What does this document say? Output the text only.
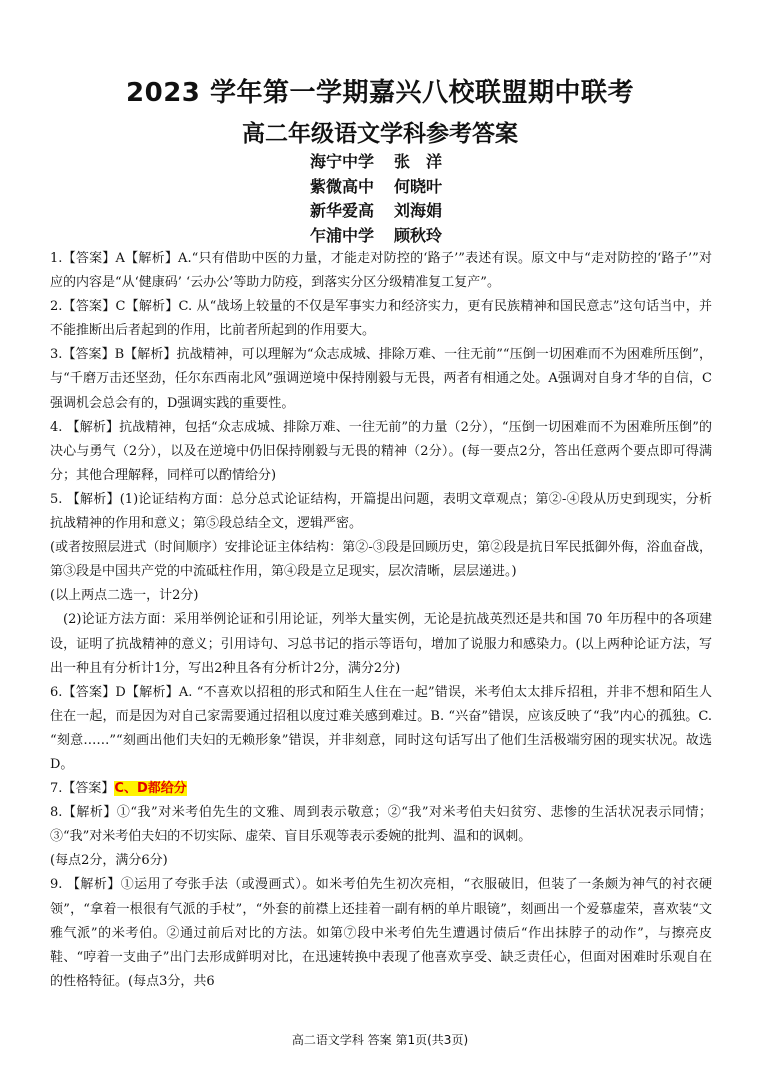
2023 学年第一学期嘉兴八校联盟期中联考
高二年级语文学科参考答案
海宁中学 张　洋
紫微高中 何晓叶
新华爱高 刘海娟
乍浦中学 顾秋玲

1.【答案】A【解析】A.“只有借助中医的力量，才能走对防控的‘路子’”表述有误。原文中与“走对防控的‘路子’”对应的内容是“从‘健康码’ ‘云办公’等助力防疫，到落实分区分级精准复工复产”。

2.【答案】C【解析】C. 从“战场上较量的不仅是军事实力和经济实力，更有民族精神和国民意志”这句话当中，并不能推断出后者起到的作用，比前者所起到的作用要大。

3.【答案】B【解析】抗战精神，可以理解为“众志成城、排除万难、一往无前”“压倒一切困难而不为困难所压倒”，与“千磨万击还坚劲，任尔东西南北风”强调逆境中保持刚毅与无畏，两者有相通之处。A强调对自身才华的自信，C强调机会总会有的，D强调实践的重要性。

4. 【解析】抗战精神，包括“众志成城、排除万难、一往无前”的力量（2分），“压倒一切困难而不为困难所压倒”的决心与勇气（2分），以及在逆境中仍旧保持刚毅与无畏的精神（2分）。(每一要点2分，答出任意两个要点即可得满分；其他合理解释，同样可以酌情给分)

5. 【解析】(1)论证结构方面：总分总式论证结构，开篇提出问题，表明文章观点；第②-④段从历史到现实，分析抗战精神的作用和意义；第⑤段总结全文，逻辑严密。

(或者按照层进式（时间顺序）安排论证主体结构：第②-③段是回顾历史，第②段是抗日军民抵御外侮，浴血奋战，第③段是中国共产党的中流砥柱作用，第④段是立足现实，层次清晰，层层递进。)

(以上两点二选一，计2分)

(2)论证方法方面：采用举例论证和引用论证，列举大量实例，无论是抗战英烈还是共和国 70 年历程中的各项建设，证明了抗战精神的意义；引用诗句、习总书记的指示等语句，增加了说服力和感染力。(以上两种论证方法，写出一种且有分析计1分，写出2种且各有分析计2分，满分2分)

6.【答案】D【解析】A. “不喜欢以招租的形式和陌生人住在一起”错误，米考伯太太排斥招租，并非不想和陌生人住在一起，而是因为对自己家需要通过招租以度过难关感到难过。B. “兴奋”错误，应该反映了“我”内心的孤独。C. “刻意……”“刻画出他们夫妇的无赖形象”错误，并非刻意，同时这句话写出了他们生活极端穷困的现实状况。故选D。

7.【答案】C、D都给分

8.【解析】①“我”对米考伯先生的文雅、周到表示敬意；②“我”对米考伯夫妇贫穷、悲惨的生活状况表示同情；③“我”对米考伯夫妇的不切实际、虚荣、盲目乐观等表示委婉的批判、温和的讽刺。

(每点2分，满分6分)

9. 【解析】①运用了夸张手法（或漫画式）。如米考伯先生初次亮相，“衣服破旧，但装了一条颇为神气的衬衣硬领”，“拿着一根很有气派的手杖”，“外套的前襟上还挂着一副有柄的单片眼镜”，刻画出一个爱慕虚荣，喜欢装“文雅气派”的米考伯。②通过前后对比的方法。如第⑦段中米考伯先生遭遇讨债后“作出抹脖子的动作”，与擦亮皮鞋、“哼着一支曲子”出门去形成鲜明对比，在迅速转换中表现了他喜欢享受、缺乏责任心，但面对困难时乐观自在的性格特征。(每点3分，共6

高二语文学科 答案 第1页(共3页)
